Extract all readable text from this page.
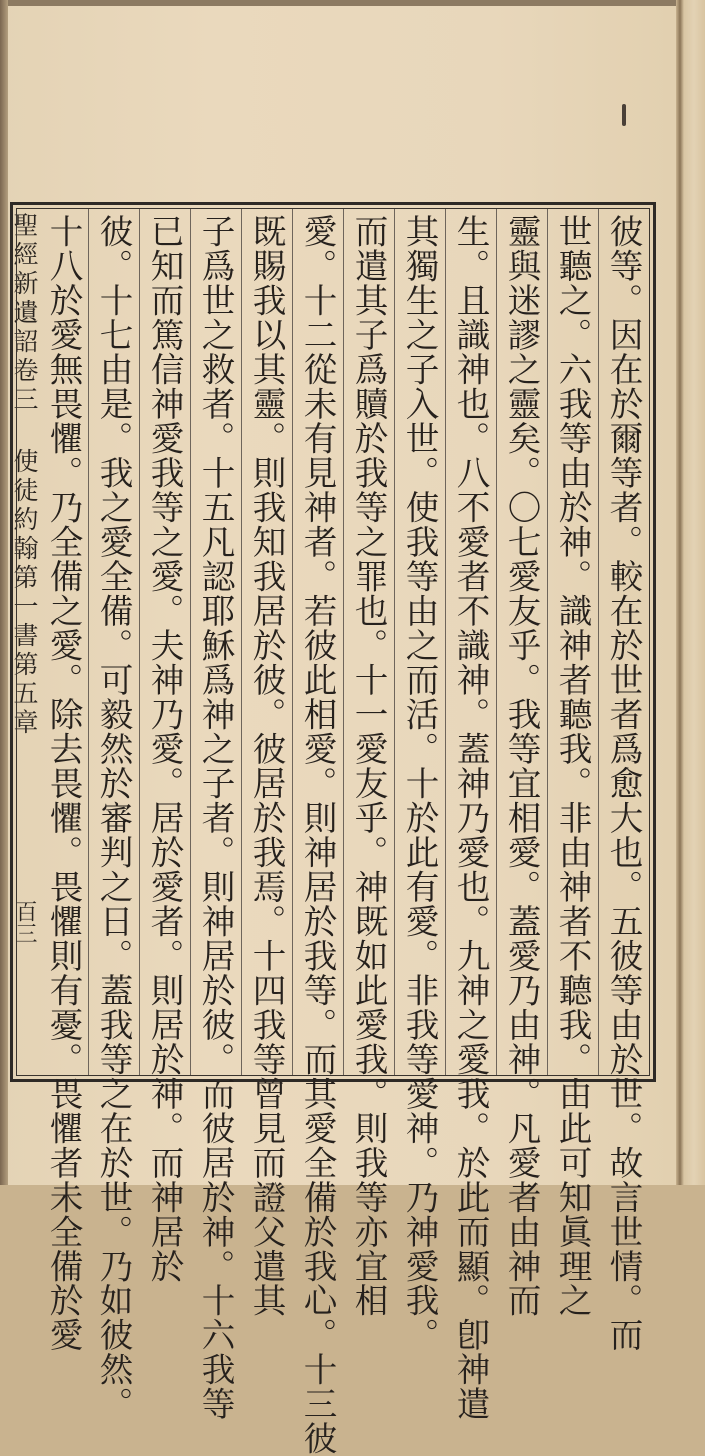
聖經新遺詔卷三 使徒約翰第一書第五章
百三	彼等。因在於爾等者。較在於世者爲愈大也。五彼等由於世。故言世情。而
世聽之。六我等由於神。識神者聽我。非由神者不聽我。由此可知眞理之
靈與迷謬之靈矣。〇七愛友乎。我等宜相愛。蓋愛乃由神。凡愛者由神而
生。且識神也。八不愛者不識神。蓋神乃愛也。九神之愛我。於此而顯。卽神遣
其獨生之子入世。使我等由之而活。十於此有愛。非我等愛神。乃神愛我。
而遣其子爲贖於我等之罪也。十一愛友乎。神既如此愛我。則我等亦宜相
愛。十二從未有見神者。若彼此相愛。則神居於我等。而其愛全備於我心。十三彼
既賜我以其靈。則我知我居於彼。彼居於我焉。十四我等曾見而證父遣其
子爲世之救者。十五凡認耶穌爲神之子者。則神居於彼。而彼居於神。十六我等
已知而篤信神愛我等之愛。夫神乃愛。居於愛者。則居於神。而神居於
彼。十七由是。我之愛全備。可毅然於審判之日。蓋我等之在於世。乃如彼然。
十八於愛無畏懼。乃全備之愛。除去畏懼。畏懼則有憂。畏懼者未全備於愛
